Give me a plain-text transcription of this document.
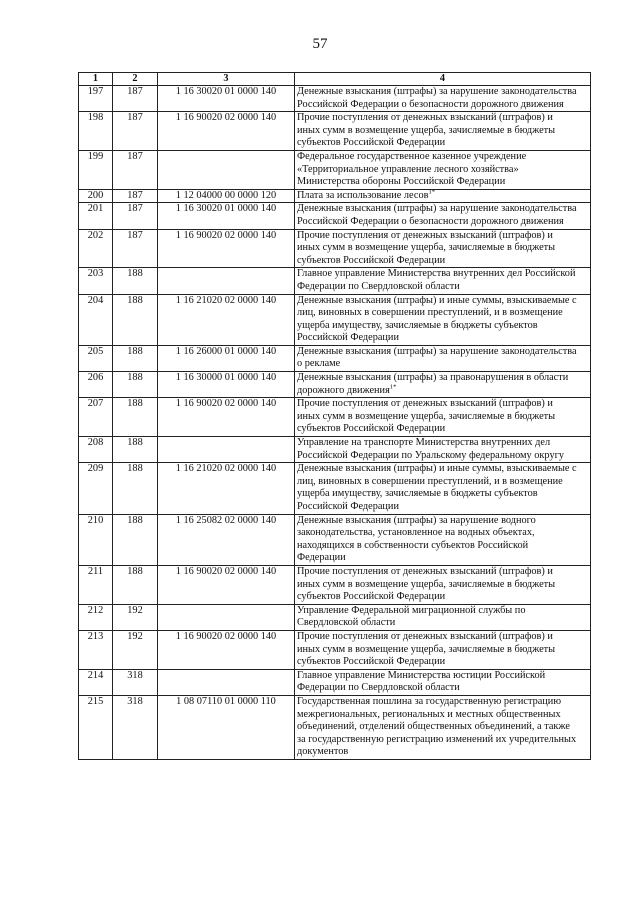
57
1	2	3	4
197	187	1 16 30020 01 0000 140	Денежные взыскания (штрафы) за нарушение законодательства
Российской Федерации о безопасности дорожного движения

198	187	1 16 90020 02 0000 140	Прочие поступления от денежных взысканий (штрафов) и
иных сумм в возмещение ущерба, зачисляемые в бюджеты
субъектов Российской Федерации

199	187		Федеральное государственное казенное учреждение
«Территориальное управление лесного хозяйства»
Министерства обороны Российской Федерации

200	187	1 12 04000 00 0000 120	Плата за использование лесов$^{1*}$

201	187	1 16 30020 01 0000 140	Денежные взыскания (штрафы) за нарушение законодательства
Российской Федерации о безопасности дорожного движения

202	187	1 16 90020 02 0000 140	Прочие поступления от денежных взысканий (штрафов) и
иных сумм в возмещение ущерба, зачисляемые в бюджеты
субъектов Российской Федерации

203	188		Главное управление Министерства внутренних дел Российской
Федерации по Свердловской области

204	188	1 16 21020 02 0000 140	Денежные взыскания (штрафы) и иные суммы, взыскиваемые с
лиц, виновных в совершении преступлений, и в возмещение
ущерба имуществу, зачисляемые в бюджеты субъектов
Российской Федерации

205	188	1 16 26000 01 0000 140	Денежные взыскания (штрафы) за нарушение законодательства
о рекламе

206	188	1 16 30000 01 0000 140	Денежные взыскания (штрафы) за правонарушения в области
дорожного движения$^{1*}$

207	188	1 16 90020 02 0000 140	Прочие поступления от денежных взысканий (штрафов) и
иных сумм в возмещение ущерба, зачисляемые в бюджеты
субъектов Российской Федерации

208	188		Управление на транспорте Министерства внутренних дел
Российской Федерации по Уральскому федеральному округу

209	188	1 16 21020 02 0000 140	Денежные взыскания (штрафы) и иные суммы, взыскиваемые с
лиц, виновных в совершении преступлений, и в возмещение
ущерба имуществу, зачисляемые в бюджеты субъектов
Российской Федерации

210	188	1 16 25082 02 0000 140	Денежные взыскания (штрафы) за нарушение водного
законодательства, установленное на водных объектах,
находящихся в собственности субъектов Российской
Федерации

211	188	1 16 90020 02 0000 140	Прочие поступления от денежных взысканий (штрафов) и
иных сумм в возмещение ущерба, зачисляемые в бюджеты
субъектов Российской Федерации

212	192		Управление Федеральной миграционной службы по
Свердловской области

213	192	1 16 90020 02 0000 140	Прочие поступления от денежных взысканий (штрафов) и
иных сумм в возмещение ущерба, зачисляемые в бюджеты
субъектов Российской Федерации

214	318		Главное управление Министерства юстиции Российской
Федерации по Свердловской области

215	318	1 08 07110 01 0000 110	Государственная пошлина за государственную регистрацию
межрегиональных, региональных и местных общественных
объединений, отделений общественных объединений, а также
за государственную регистрацию изменений их учредительных
документов
